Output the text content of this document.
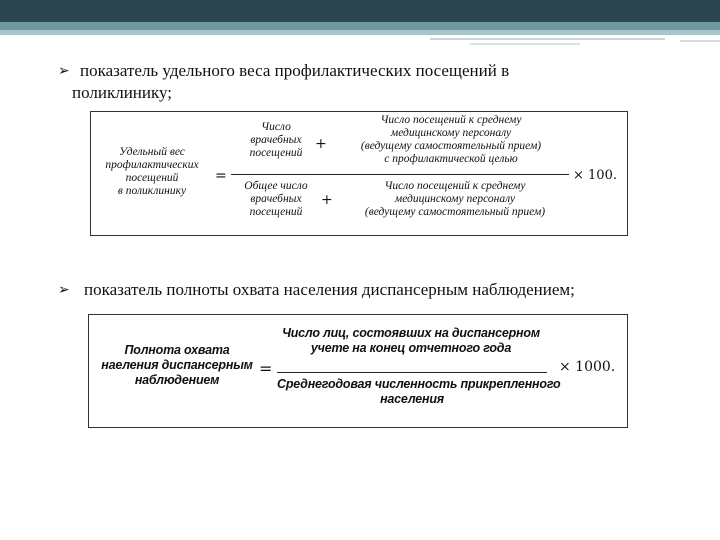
➢ показатель удельного веса профилактических посещений в
поликлинику;
Удельный вес
профилактических
посещений
в поликлинику
=
Число
врачебных
посещений
+
Число посещений к среднему
медицинскому персоналу
(ведущему самостоятельный прием)
с профилактической целью
Общее число
врачебных
посещений
+
Число посещений к среднему
медицинскому персоналу
(ведущему самостоятельный прием)
× 100.
➢ показатель полноты охвата населения диспансерным наблюдением;
Полнота охвата
наеления диспансерным
наблюдением
=
Число лиц, состоявших на диспансерном
учете на конец отчетного года
Среднегодовая численность прикрепленного
населения
× 1000.
